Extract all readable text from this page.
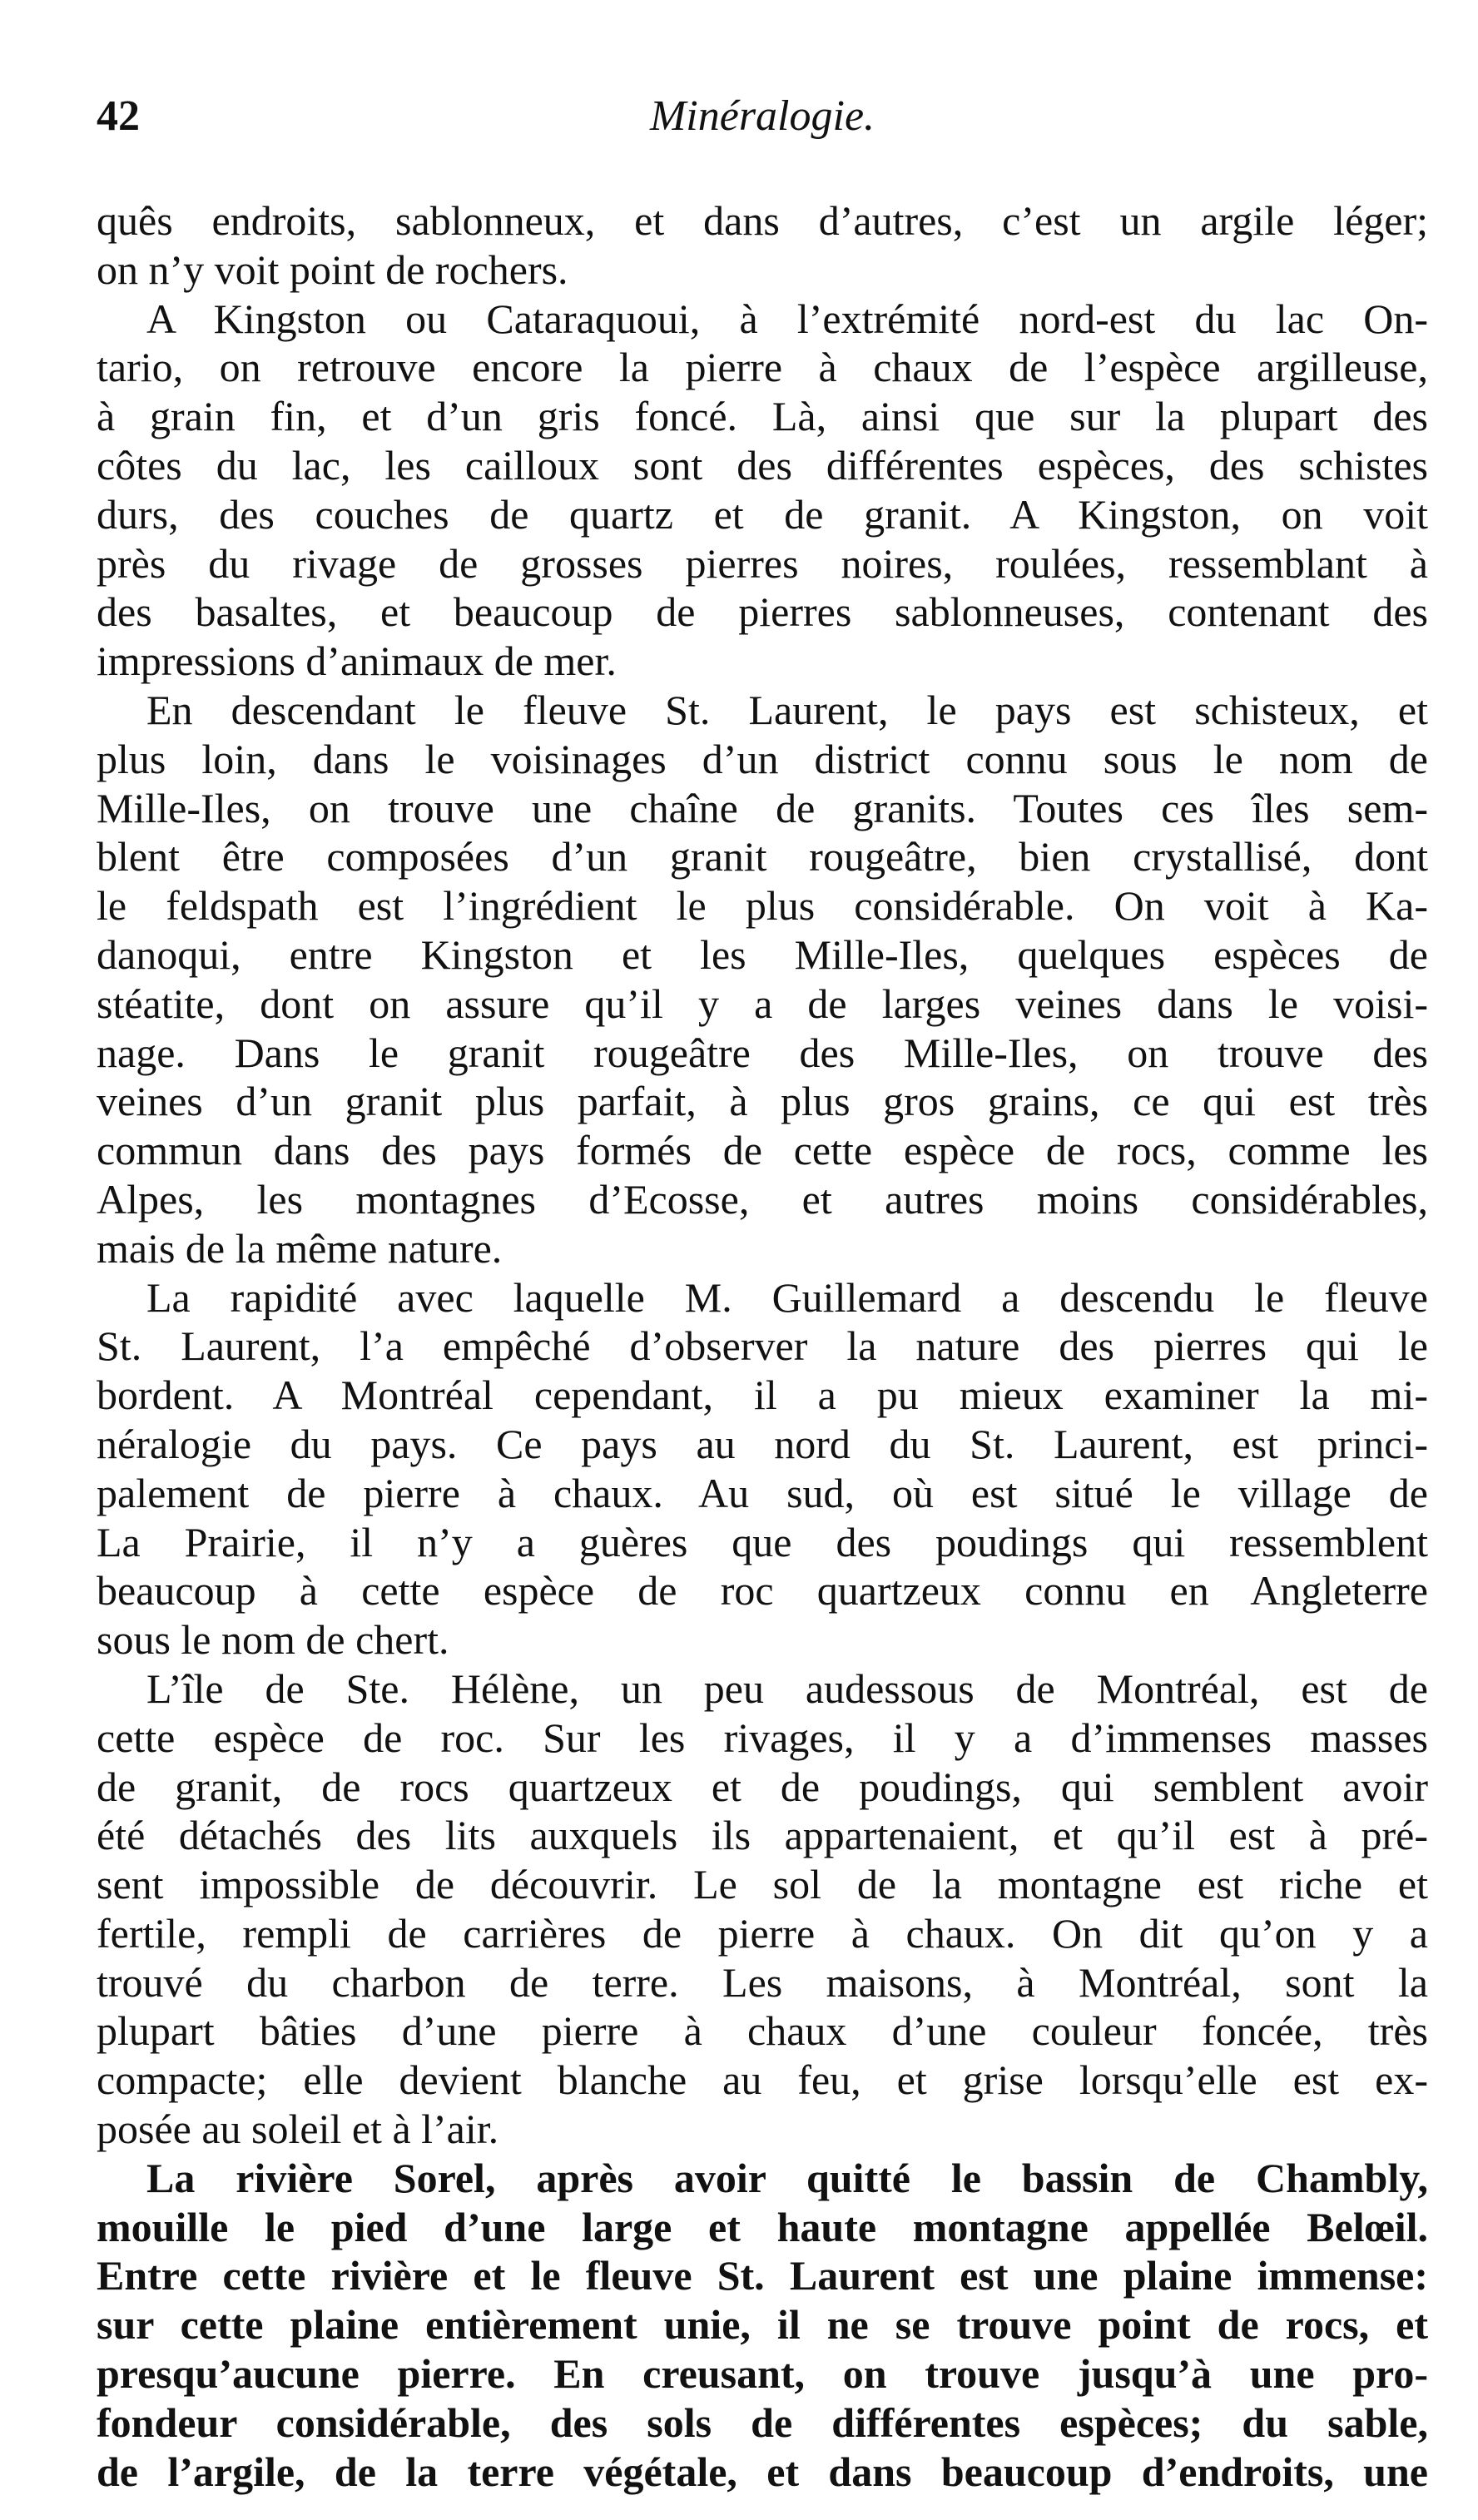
42	Minéralogie.
quês endroits, sablonneux, et dans d’autres, c’est un argile léger;
on n’y voit point de rochers.
A Kingston ou Cataraquoui, à l’extrémité nord-est du lac On-
tario, on retrouve encore la pierre à chaux de l’espèce argilleuse,
à grain fin, et d’un gris foncé. Là, ainsi que sur la plupart des
côtes du lac, les cailloux sont des différentes espèces, des schistes
durs, des couches de quartz et de granit. A Kingston, on voit
près du rivage de grosses pierres noires, roulées, ressemblant à
des basaltes, et beaucoup de pierres sablonneuses, contenant des
impressions d’animaux de mer.
En descendant le fleuve St. Laurent, le pays est schisteux, et
plus loin, dans le voisinages d’un district connu sous le nom de
Mille-Iles, on trouve une chaîne de granits. Toutes ces îles sem-
blent être composées d’un granit rougeâtre, bien crystallisé, dont
le feldspath est l’ingrédient le plus considérable. On voit à Ka-
danoqui, entre Kingston et les Mille-Iles, quelques espèces de
stéatite, dont on assure qu’il y a de larges veines dans le voisi-
nage. Dans le granit rougeâtre des Mille-Iles, on trouve des
veines d’un granit plus parfait, à plus gros grains, ce qui est très
commun dans des pays formés de cette espèce de rocs, comme les
Alpes, les montagnes d’Ecosse, et autres moins considérables,
mais de la même nature.
La rapidité avec laquelle M. Guillemard a descendu le fleuve
St. Laurent, l’a empêché d’observer la nature des pierres qui le
bordent. A Montréal cependant, il a pu mieux examiner la mi-
néralogie du pays. Ce pays au nord du St. Laurent, est princi-
palement de pierre à chaux. Au sud, où est situé le village de
La Prairie, il n’y a guères que des poudings qui ressemblent
beaucoup à cette espèce de roc quartzeux connu en Angleterre
sous le nom de chert.
L’île de Ste. Hélène, un peu audessous de Montréal, est de
cette espèce de roc. Sur les rivages, il y a d’immenses masses
de granit, de rocs quartzeux et de poudings, qui semblent avoir
été détachés des lits auxquels ils appartenaient, et qu’il est à pré-
sent impossible de découvrir. Le sol de la montagne est riche et
fertile, rempli de carrières de pierre à chaux. On dit qu’on y a
trouvé du charbon de terre. Les maisons, à Montréal, sont la
plupart bâties d’une pierre à chaux d’une couleur foncée, très
compacte; elle devient blanche au feu, et grise lorsqu’elle est ex-
posée au soleil et à l’air.
La rivière Sorel, après avoir quitté le bassin de Chambly,
mouille le pied d’une large et haute montagne appellée Belœil.
Entre cette rivière et le fleuve St. Laurent est une plaine immense:
sur cette plaine entièrement unie, il ne se trouve point de rocs, et
presqu’aucune pierre. En creusant, on trouve jusqu’à une pro-
fondeur considérable, des sols de différentes espèces; du sable,
de l’argile, de la terre végétale, et dans beaucoup d’endroits, une
